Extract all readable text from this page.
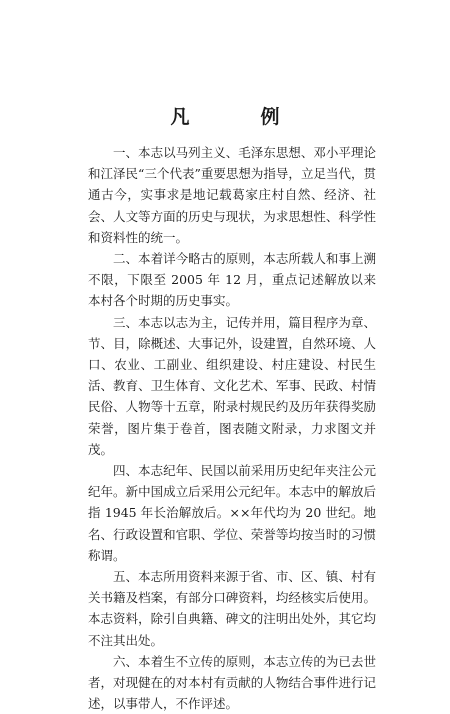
凡　例

一、本志以马列主义、毛泽东思想、邓小平理论和江泽民“三个代表”重要思想为指导，立足当代，贯通古今，实事求是地记载葛家庄村自然、经济、社会、人文等方面的历史与现状，为求思想性、科学性和资料性的统一。

二、本着详今略古的原则，本志所载人和事上溯不限，下限至 2005 年 12 月，重点记述解放以来本村各个时期的历史事实。

三、本志以志为主，记传并用，篇目程序为章、节、目，除概述、大事记外，设建置，自然环境、人口、农业、工副业、组织建设、村庄建设、村民生活、教育、卫生体育、文化艺术、军事、民政、村情民俗、人物等十五章，附录村规民约及历年获得奖励荣誉，图片集于卷首，图表随文附录，力求图文并茂。

四、本志纪年、民国以前采用历史纪年夹注公元纪年。新中国成立后采用公元纪年。本志中的解放后指 1945 年长治解放后。××年代均为 20 世纪。地名、行政设置和官职、学位、荣誉等均按当时的习惯称谓。

五、本志所用资料来源于省、市、区、镇、村有关书籍及档案，有部分口碑资料，均经核实后使用。本志资料，除引自典籍、碑文的注明出处外，其它均不注其出处。

六、本着生不立传的原则，本志立传的为已去世者，对现健在的对本村有贡献的人物结合事件进行记述，以事带人，不作评述。
